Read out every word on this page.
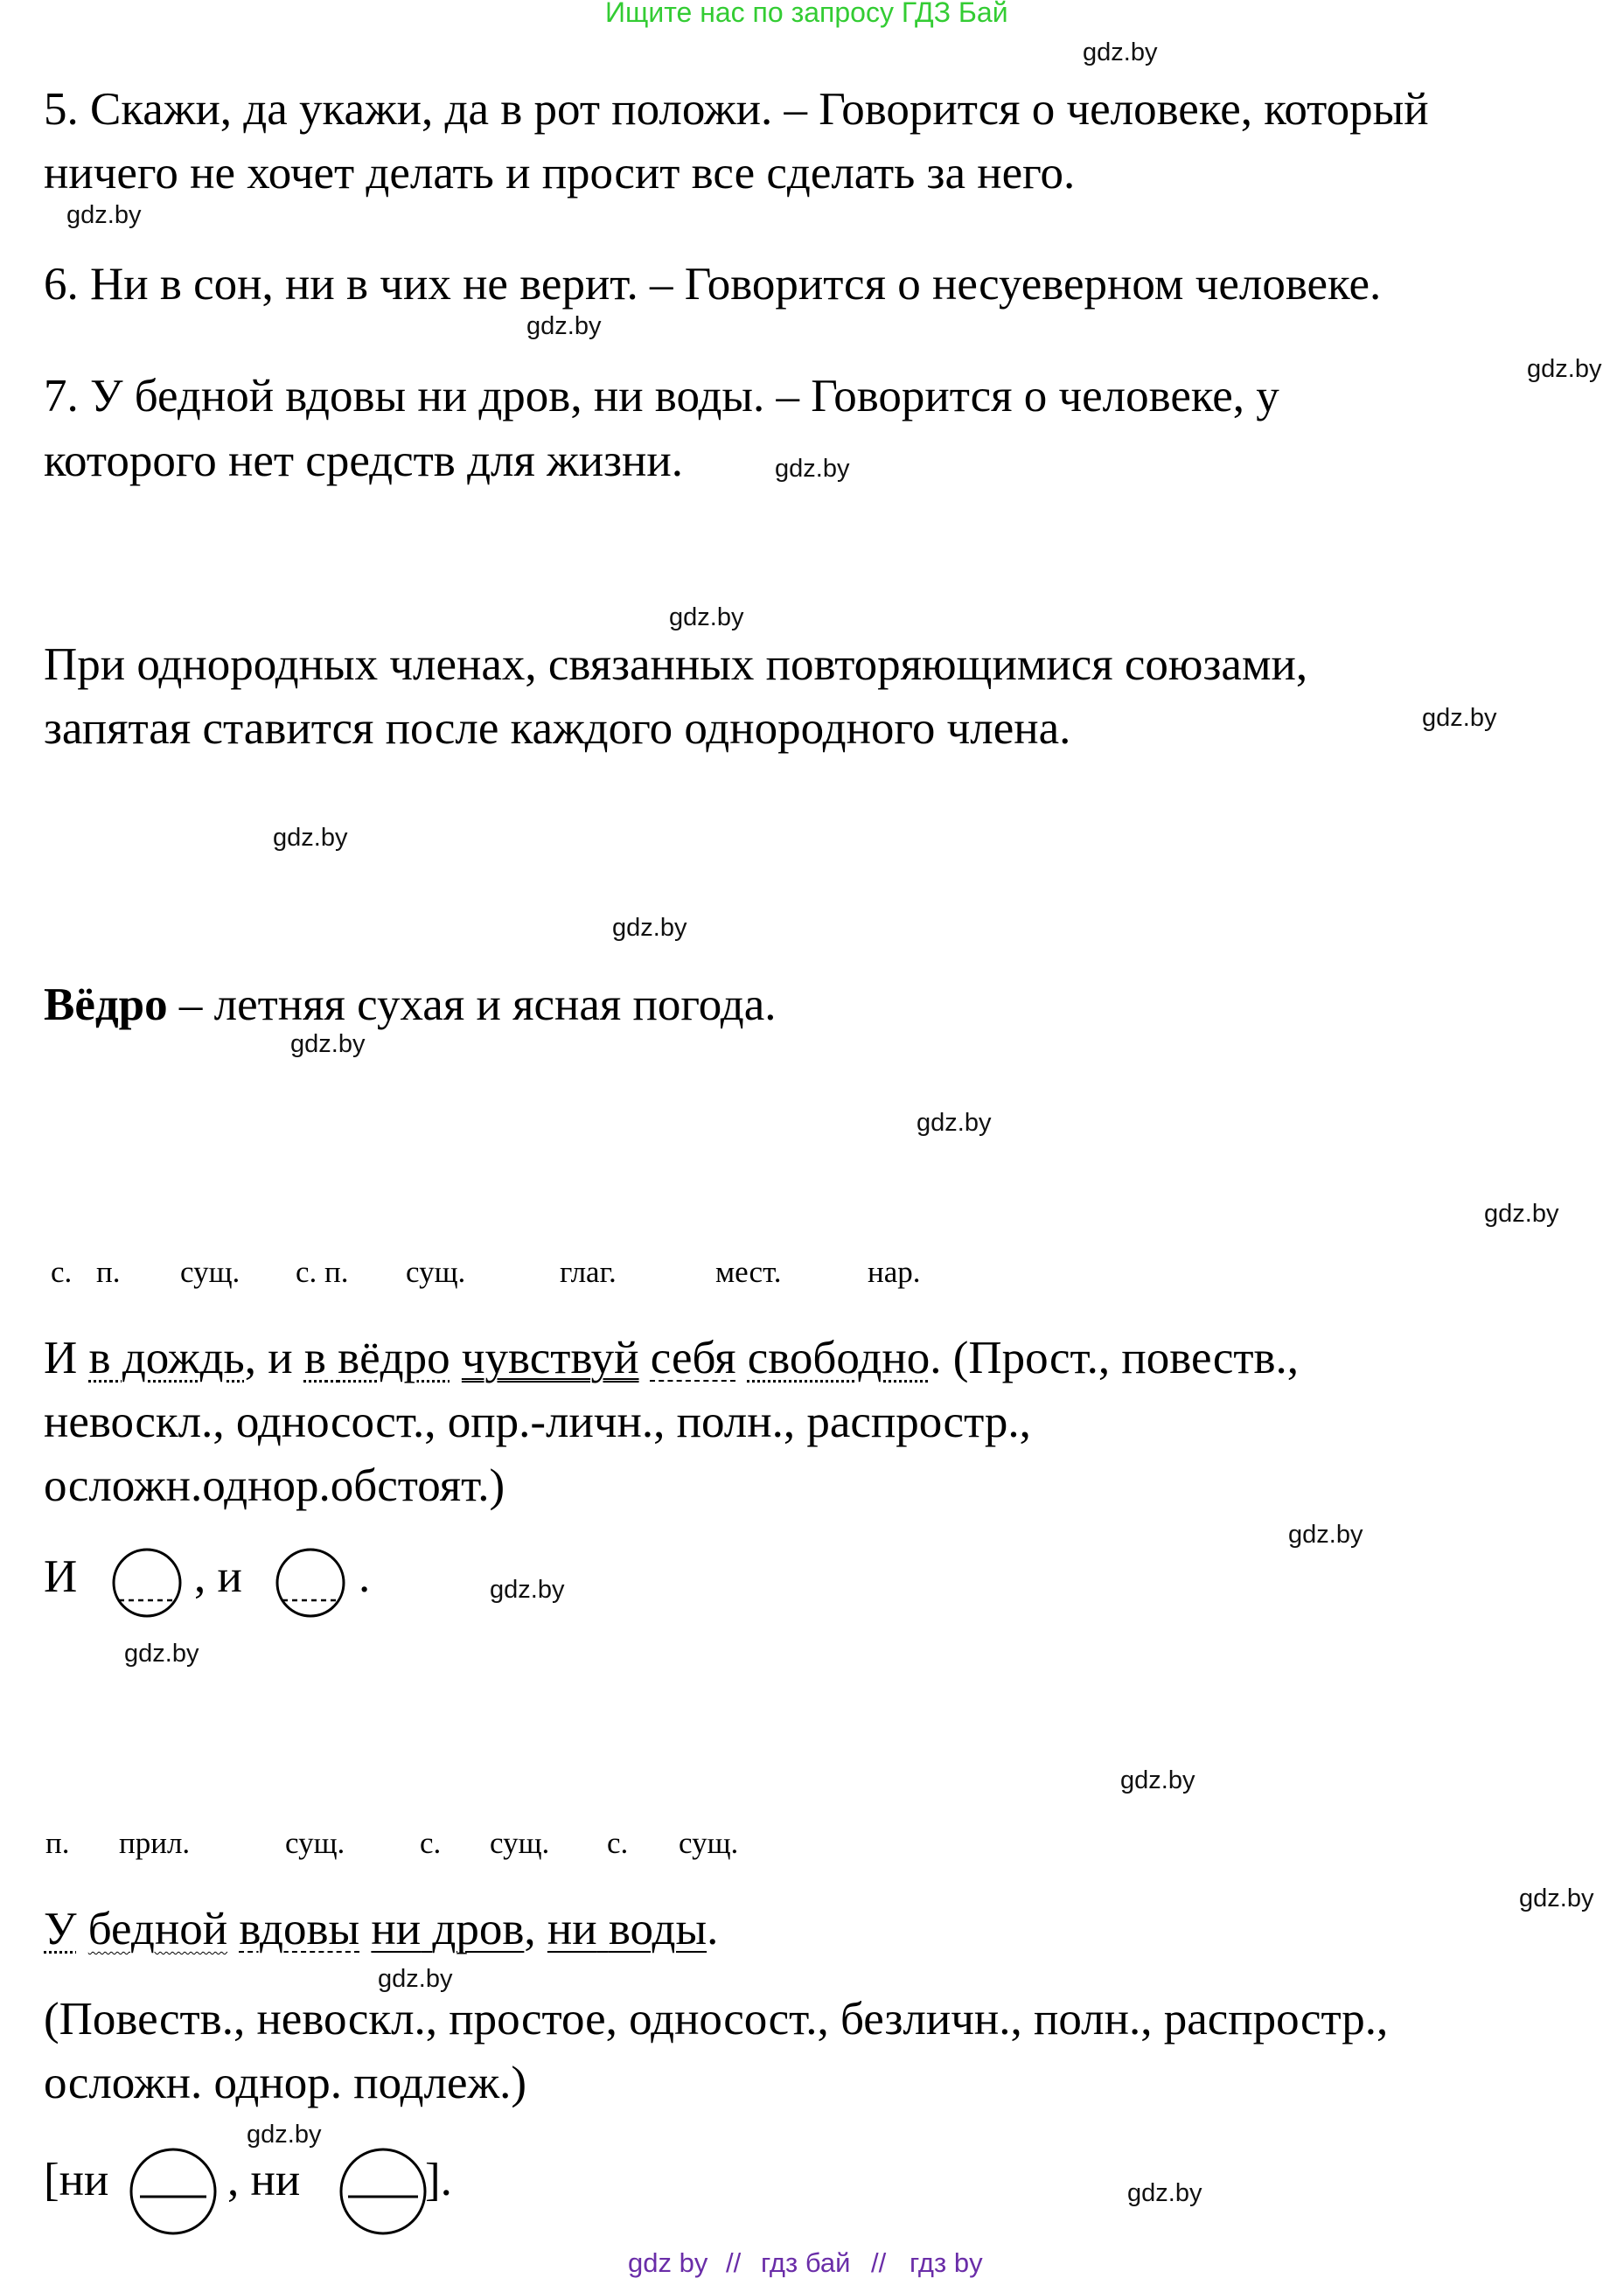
Ищите нас по запросу ГДЗ Бай
gdz.by
gdz.by
gdz.by
gdz.by
gdz.by
gdz.by
gdz.by
gdz.by
gdz.by
gdz.by
gdz.by
gdz.by
gdz.by
gdz.by
gdz.by
gdz.by
gdz.by
gdz.by
gdz.by
gdz.by
5. Скажи, да укажи, да в рот положи. – Говорится о человеке, который
ничего не хочет делать и просит все сделать за него.
6. Ни в сон, ни в чих не верит. – Говорится о несуеверном человеке.
7. У бедной вдовы ни дров, ни воды. – Говорится о человеке, у
которого нет средств для жизни.
При однородных членах, связанных повторяющимися союзами,
запятая ставится после каждого однородного члена.
Вёдро – летняя сухая и ясная погода.
с. п. сущ. с. п. сущ.	глаг.	мест.	нар.
И в дождь, и в вёдро чувствуй себя свободно. (Прост., повеств.,
невоскл., односост., опр.-личн., полн., распростр.,
осложн.однор.обстоят.)
И	, и	.
п. прил.	сущ. с. сущ. с. сущ.
У бедной вдовы ни дров, ни воды.
(Повеств., невоскл., простое, односост., безличн., полн., распростр.,
осложн. однор. подлеж.)
[ни	, ни	].
gdz by // гдз бай // гдз by
